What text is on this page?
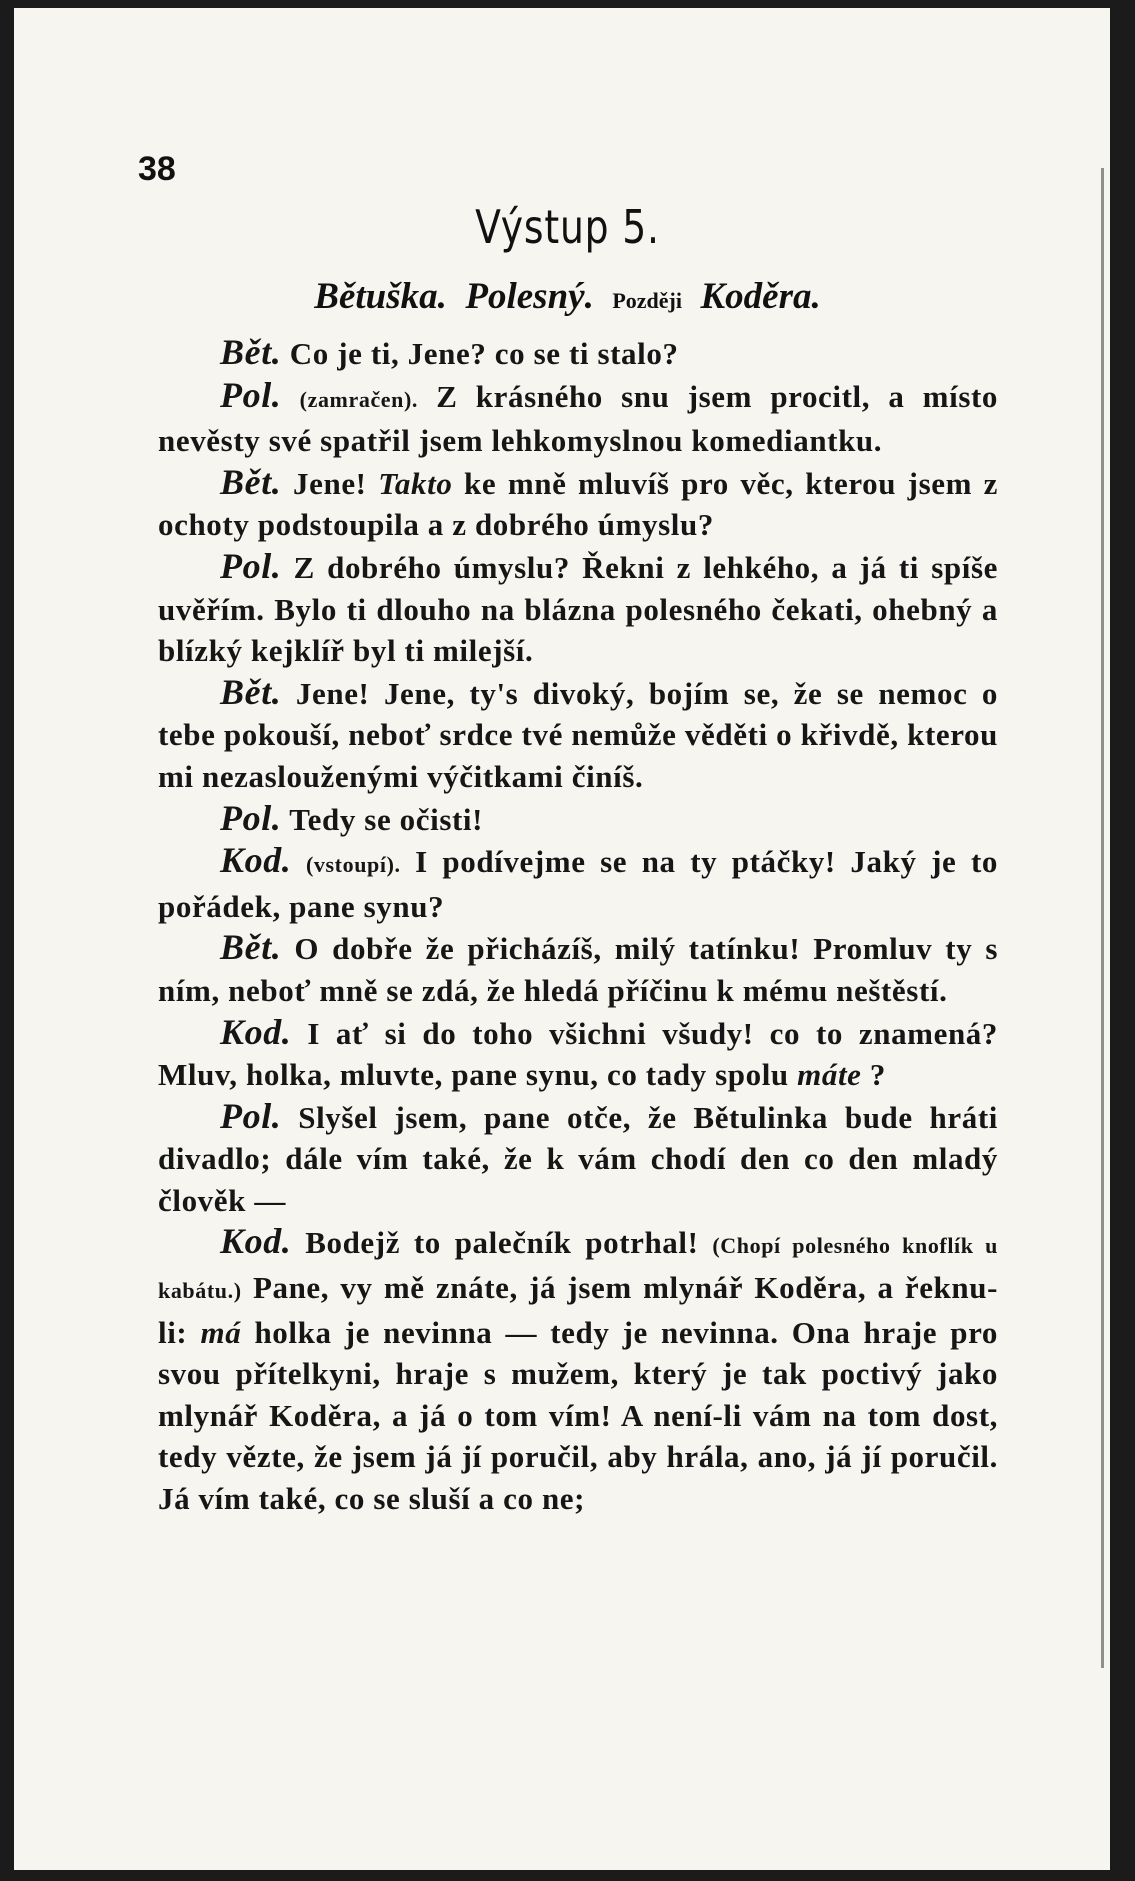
38
Výstup 5.
Bětuška. Polesný. Později Koděra.

Bět. Co je ti, Jene? co se ti stalo?

Pol. (zamračen). Z krásného snu jsem procitl, a místo nevěsty své spatřil jsem lehkomyslnou komediantku.

Bět. Jene! Takto ke mně mluvíš pro věc, kterou jsem z ochoty podstoupila a z dobrého úmyslu?

Pol. Z dobrého úmyslu? Řekni z lehkého, a já ti spíše uvěřím. Bylo ti dlouho na blázna polesného čekati, ohebný a blízký kejklíř byl ti milejší.

Bět. Jene! Jene, ty's divoký, bojím se, že se nemoc o tebe pokouší, neboť srdce tvé nemůže věděti o křivdě, kterou mi nezaslouženými výčitkami činíš.

Pol. Tedy se očisti!

Kod. (vstoupí). I podívejme se na ty ptáčky! Jaký je to pořádek, pane synu?

Bět. O dobře že přicházíš, milý tatínku! Promluv ty s ním, neboť mně se zdá, že hledá příčinu k mému neštěstí.

Kod. I ať si do toho všichni všudy! co to znamená? Mluv, holka, mluvte, pane synu, co tady spolu máte ?

Pol. Slyšel jsem, pane otče, že Bětulinka bude hráti divadlo; dále vím také, že k vám chodí den co den mladý člověk —

Kod. Bodejž to palečník potrhal! (Chopí polesného knoflík u kabátu.) Pane, vy mě znáte, já jsem mlynář Koděra, a řeknu-li: má holka je nevinna — tedy je nevinna. Ona hraje pro svou přítelkyni, hraje s mužem, který je tak poctivý jako mlynář Koděra, a já o tom vím! A není-li vám na tom dost, tedy vězte, že jsem já jí poručil, aby hrála, ano, já jí poručil. Já vím také, co se sluší a co ne;
